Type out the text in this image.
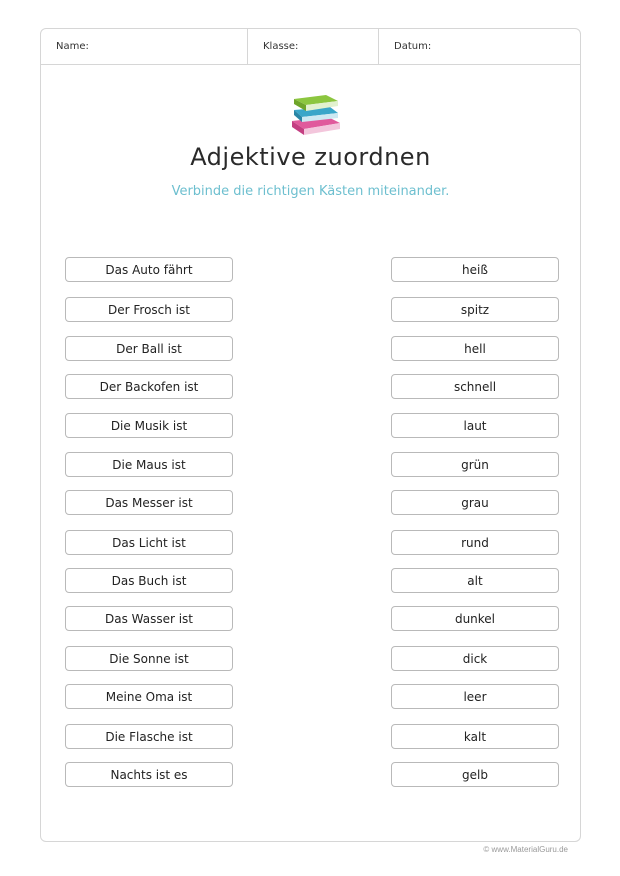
Name:	Klasse:	Datum:
Adjektive zuordnen
Verbinde die richtigen Kästen miteinander.
Das Auto fährt
Der Frosch ist
Der Ball ist
Der Backofen ist
Die Musik ist
Die Maus ist
Das Messer ist
Das Licht ist
Das Buch ist
Das Wasser ist
Die Sonne ist
Meine Oma ist
Die Flasche ist
Nachts ist es
heiß
spitz
hell
schnell
laut
grün
grau
rund
alt
dunkel
dick
leer
kalt
gelb
© www.MaterialGuru.de
